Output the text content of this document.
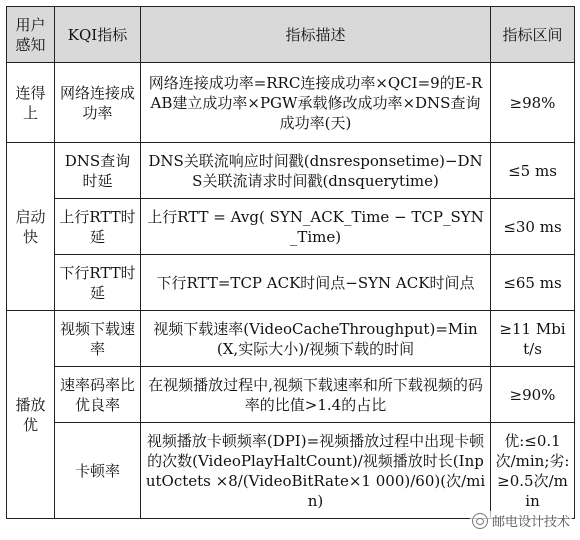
用户感知	KQI指标	指标描述	指标区间
连得上	网络连接成功率	网络连接成功率=RRC连接成功率×QCI=9的E-RAB建立成功率×PGW承载修改成功率×DNS查询成功率(天)	≥98%
启动快	DNS查询时延	DNS关联流响应时间戳(dnsresponsetime)−DNS关联流请求时间戳(dnsquerytime)	≤5 ms
	上行RTT时延	上行RTT = Avg( SYN_ACK_Time − TCP_SYN_Time)	≤30 ms
	下行RTT时延	下行RTT=TCP ACK时间点−SYN ACK时间点	≤65 ms
播放优	视频下载速率	视频下载速率(VideoCacheThroughput)=Min(X,实际大小)/视频下载的时间	≥11 Mbit/s
	速率码率比优良率	在视频播放过程中,视频下载速率和所下载视频的码率的比值>1.4的占比	≥90%
	卡顿率	视频播放卡顿频率(DPI)=视频播放过程中出现卡顿的次数(VideoPlayHaltCount)/视频播放时长(InputOctets ×8/(VideoBitRate×1 000)/60)(次/min)	优:≤0.1次/min;劣:≥0.5次/min
邮电设计技术
